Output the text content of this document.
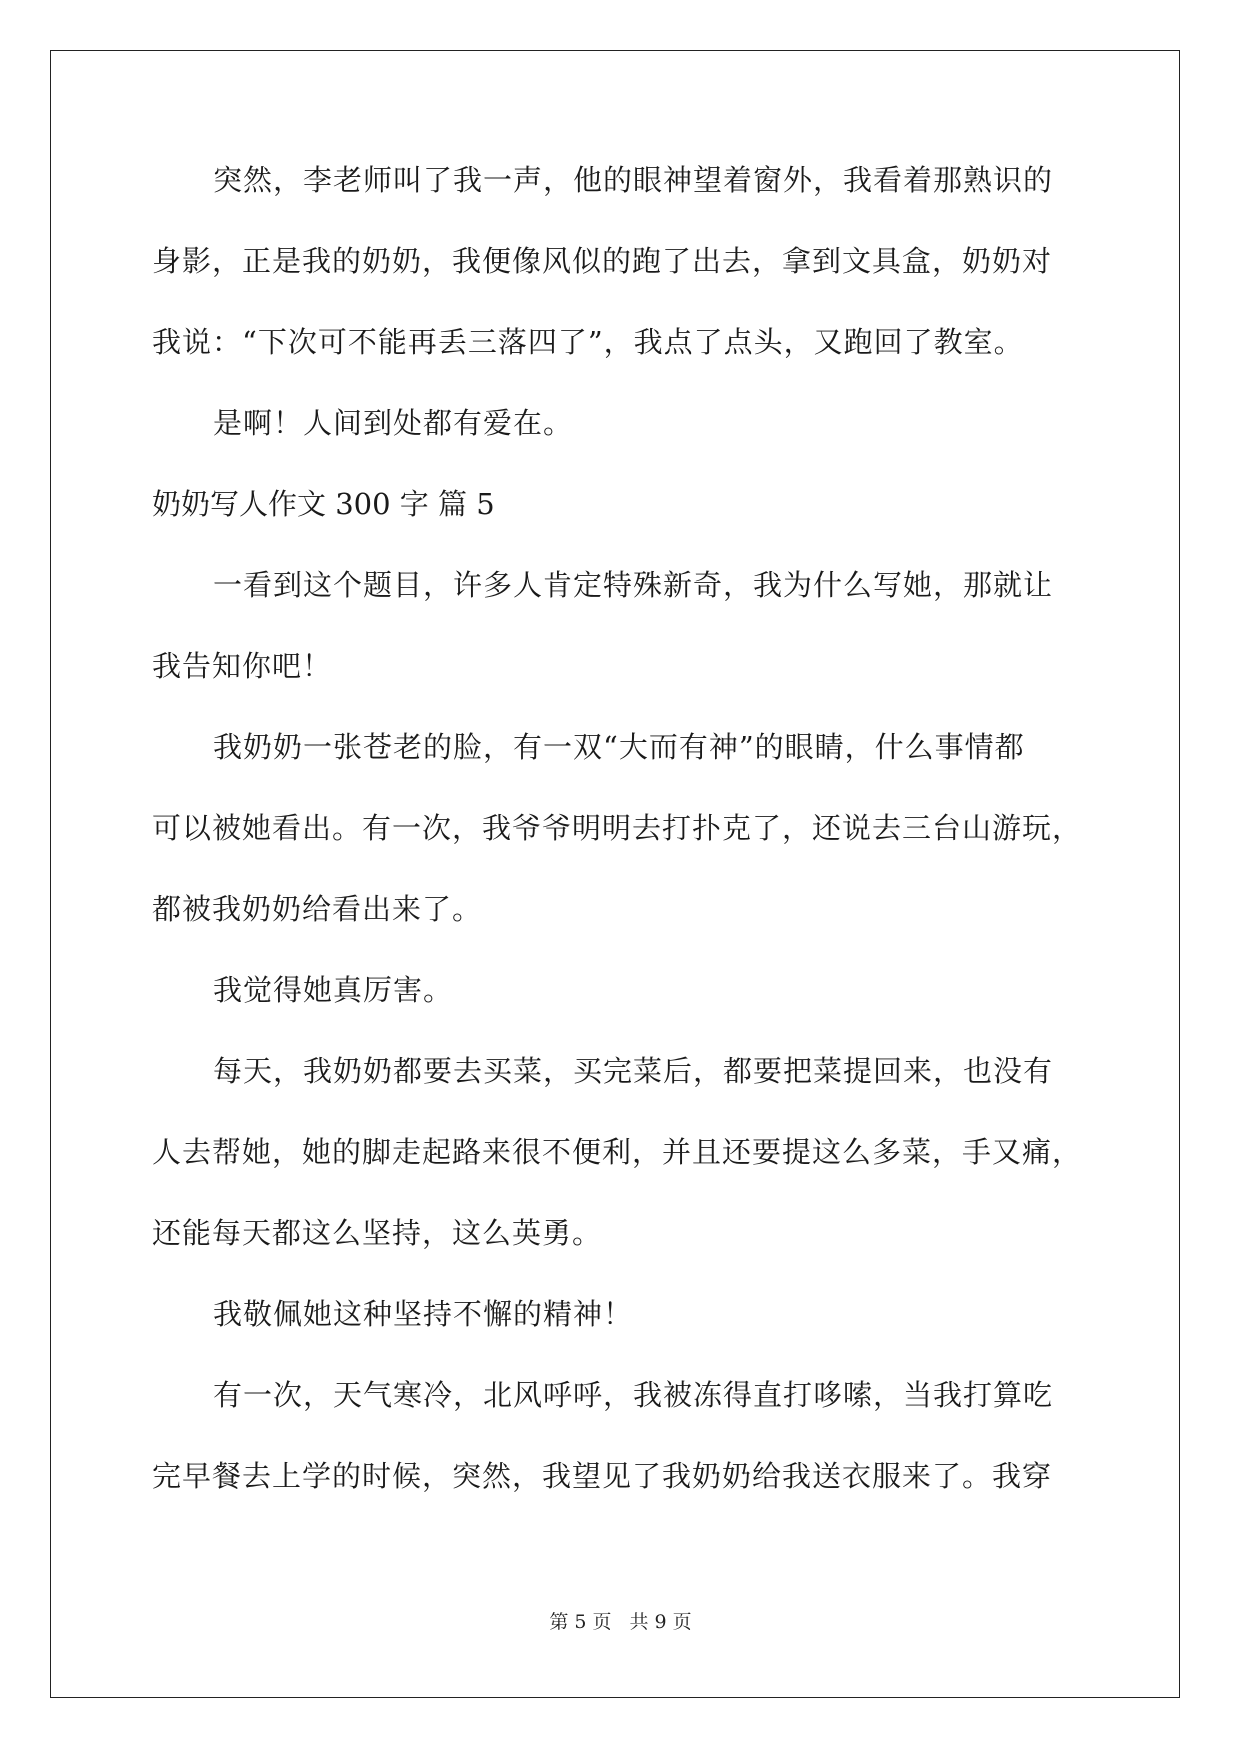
突然，李老师叫了我一声，他的眼神望着窗外，我看着那熟识的
身影，正是我的奶奶，我便像风似的跑了出去，拿到文具盒，奶奶对
我说：“下次可不能再丢三落四了”，我点了点头，又跑回了教室。
是啊！人间到处都有爱在。
奶奶写人作文 300 字 篇 5
一看到这个题目，许多人肯定特殊新奇，我为什么写她，那就让
我告知你吧！
我奶奶一张苍老的脸，有一双“大而有神”的眼睛，什么事情都
可以被她看出。有一次，我爷爷明明去打扑克了，还说去三台山游玩，
都被我奶奶给看出来了。
我觉得她真厉害。
每天，我奶奶都要去买菜，买完菜后，都要把菜提回来，也没有
人去帮她，她的脚走起路来很不便利，并且还要提这么多菜，手又痛，
还能每天都这么坚持，这么英勇。
我敬佩她这种坚持不懈的精神！
有一次，天气寒冷，北风呼呼，我被冻得直打哆嗦，当我打算吃
完早餐去上学的时候，突然，我望见了我奶奶给我送衣服来了。我穿
第 5 页 共 9 页
